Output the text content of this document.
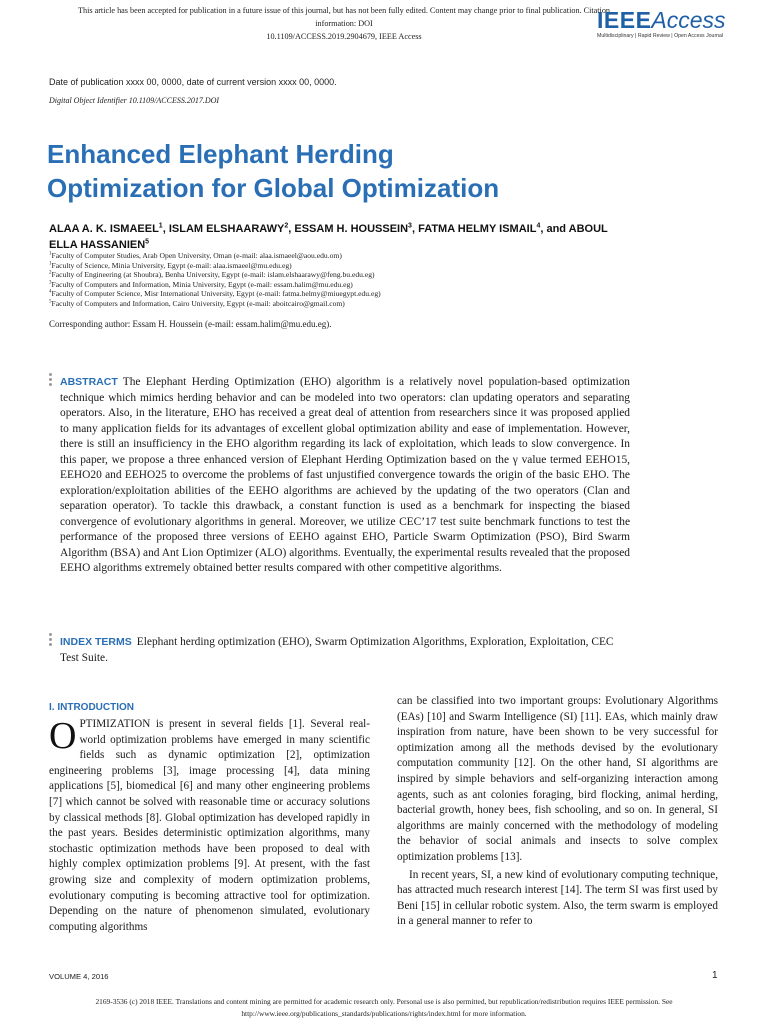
This article has been accepted for publication in a future issue of this journal, but has not been fully edited. Content may change prior to final publication. Citation information: DOI
10.1109/ACCESS.2019.2904679, IEEE Access
IEEEAccess
Multidisciplinary | Rapid Review | Open Access Journal
Date of publication xxxx 00, 0000, date of current version xxxx 00, 0000.
Digital Object Identifier 10.1109/ACCESS.2017.DOI
Enhanced Elephant Herding
Optimization for Global Optimization
ALAA A. K. ISMAEEL$^1$, ISLAM ELSHAARAWY$^2$, ESSAM H. HOUSSEIN$^3$, FATMA HELMY ISMAIL$^4$, and ABOUL ELLA HASSANIEN$^5$
$^1$Faculty of Computer Studies, Arab Open University, Oman (e-mail: alaa.ismaeel@aou.edu.om)
$^1$Faculty of Science, Minia University, Egypt (e-mail: alaa.ismaeel@mu.edu.eg)
$^2$Faculty of Engineering (at Shoubra), Benha University, Egypt (e-mail: islam.elshaarawy@feng.bu.edu.eg)
$^3$Faculty of Computers and Information, Minia University, Egypt (e-mail: essam.halim@mu.edu.eg)
$^4$Faculty of Computer Science, Misr International University, Egypt (e-mail: fatma.helmy@miuegypt.edu.eg)
$^5$Faculty of Computers and Information, Cairo University, Egypt (e-mail: aboitcairo@gmail.com)
Corresponding author: Essam H. Houssein (e-mail: essam.halim@mu.edu.eg).

ABSTRACT The Elephant Herding Optimization (EHO) algorithm is a relatively novel population-based optimization technique which mimics herding behavior and can be modeled into two operators: clan updating operators and separating operators. Also, in the literature, EHO has received a great deal of attention from researchers since it was proposed applied to many application fields for its advantages of excellent global optimization ability and ease of implementation. However, there is still an insufficiency in the EHO algorithm regarding its lack of exploitation, which leads to slow convergence. In this paper, we propose a three enhanced version of Elephant Herding Optimization based on the γ value termed EEHO15, EEHO20 and EEHO25 to overcome the problems of fast unjustified convergence towards the origin of the basic EHO. The exploration/exploitation abilities of the EEHO algorithms are achieved by the updating of the two operators (Clan and separation operator). To tackle this drawback, a constant function is used as a benchmark for inspecting the biased convergence of evolutionary algorithms in general. Moreover, we utilize CEC’17 test suite benchmark functions to test the performance of the proposed three versions of EEHO against EHO, Particle Swarm Optimization (PSO), Bird Swarm Algorithm (BSA) and Ant Lion Optimizer (ALO) algorithms. Eventually, the experimental results revealed that the proposed EEHO algorithms extremely obtained better results compared with other competitive algorithms.

INDEX TERMS Elephant herding optimization (EHO), Swarm Optimization Algorithms, Exploration, Exploitation, CEC Test Suite.

I. INTRODUCTION

OPTIMIZATION is present in several fields [1]. Several real-world optimization problems have emerged in many scientific fields such as dynamic optimization [2], optimization engineering problems [3], image processing [4], data mining applications [5], biomedical [6] and many other engineering problems [7] which cannot be solved with reasonable time or accuracy solutions by classical methods [8]. Global optimization has developed rapidly in the past years. Besides deterministic optimization algorithms, many stochastic optimization methods have been proposed to deal with highly complex optimization problems [9]. At present, with the fast growing size and complexity of modern optimization problems, evolutionary computing is becoming attractive tool for optimization. Depending on the nature of phenomenon simulated, evolutionary computing algorithms

can be classified into two important groups: Evolutionary Algorithms (EAs) [10] and Swarm Intelligence (SI) [11]. EAs, which mainly draw inspiration from nature, have been shown to be very successful for optimization among all the methods devised by the evolutionary computation community [12]. On the other hand, SI algorithms are inspired by simple behaviors and self-organizing interaction among agents, such as ant colonies foraging, bird flocking, animal herding, bacterial growth, honey bees, fish schooling, and so on. In general, SI algorithms are mainly concerned with the methodology of modeling the behavior of social animals and insects to solve complex optimization problems [13].

In recent years, SI, a new kind of evolutionary computing technique, has attracted much research interest [14]. The term SI was first used by Beni [15] in cellular robotic system. Also, the term swarm is employed in a general manner to refer to

VOLUME 4, 2016	1
2169-3536 (c) 2018 IEEE. Translations and content mining are permitted for academic research only. Personal use is also permitted, but republication/redistribution requires IEEE permission. See
http://www.ieee.org/publications_standards/publications/rights/index.html for more information.
